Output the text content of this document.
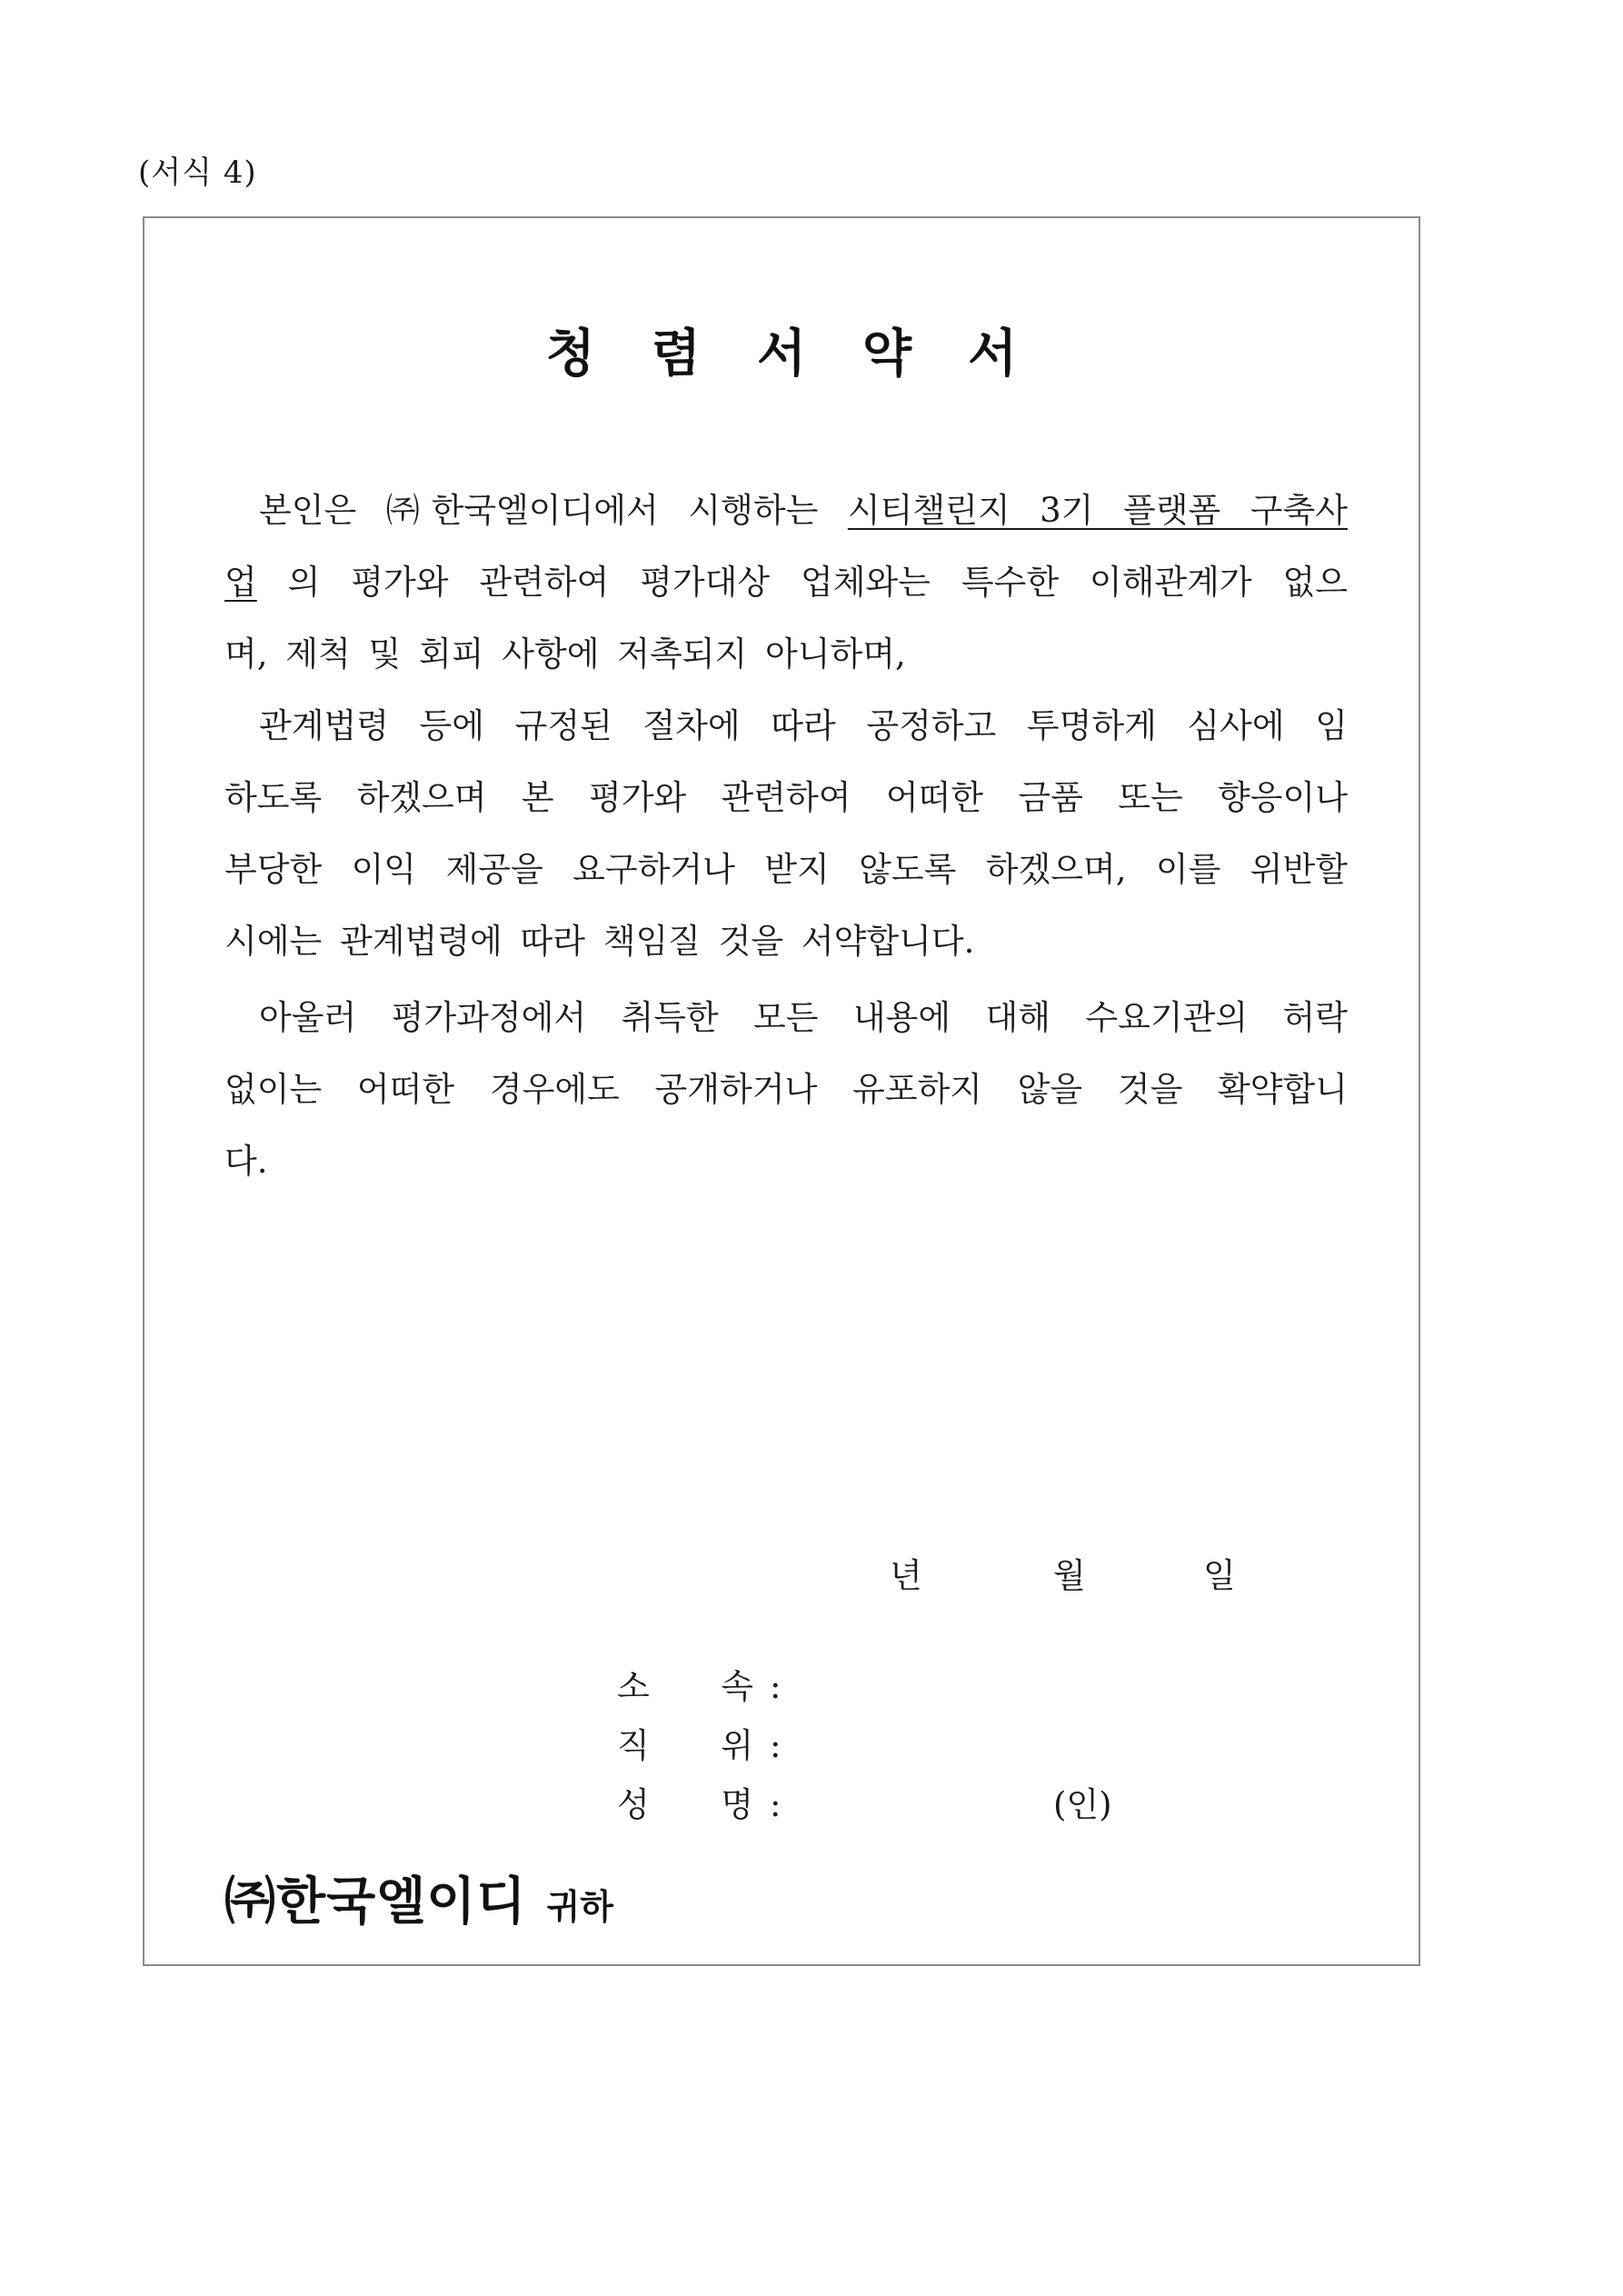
(서식 4)
청렴서약서
본인은 ㈜한국엘이디에서 시행하는 시티챌린지 3기 플랫폼 구축사
업 의 평가와 관련하여 평가대상 업체와는 특수한 이해관계가 없으
며, 제척 및 회피 사항에 저촉되지 아니하며,
관계법령 등에 규정된 절차에 따라 공정하고 투명하게 심사에 임
하도록 하겠으며 본 평가와 관련하여 어떠한 금품 또는 향응이나
부당한 이익 제공을 요구하거나 받지 않도록 하겠으며, 이를 위반할
시에는 관계법령에 따라 책임질 것을 서약합니다.
아울러 평가과정에서 취득한 모든 내용에 대해 수요기관의 허락
없이는 어떠한 경우에도 공개하거나 유포하지 않을 것을 확약합니
다.
년	월	일
소 속 :
직 위 :
성 명 :	(인)
㈜한국엘이디 귀하
